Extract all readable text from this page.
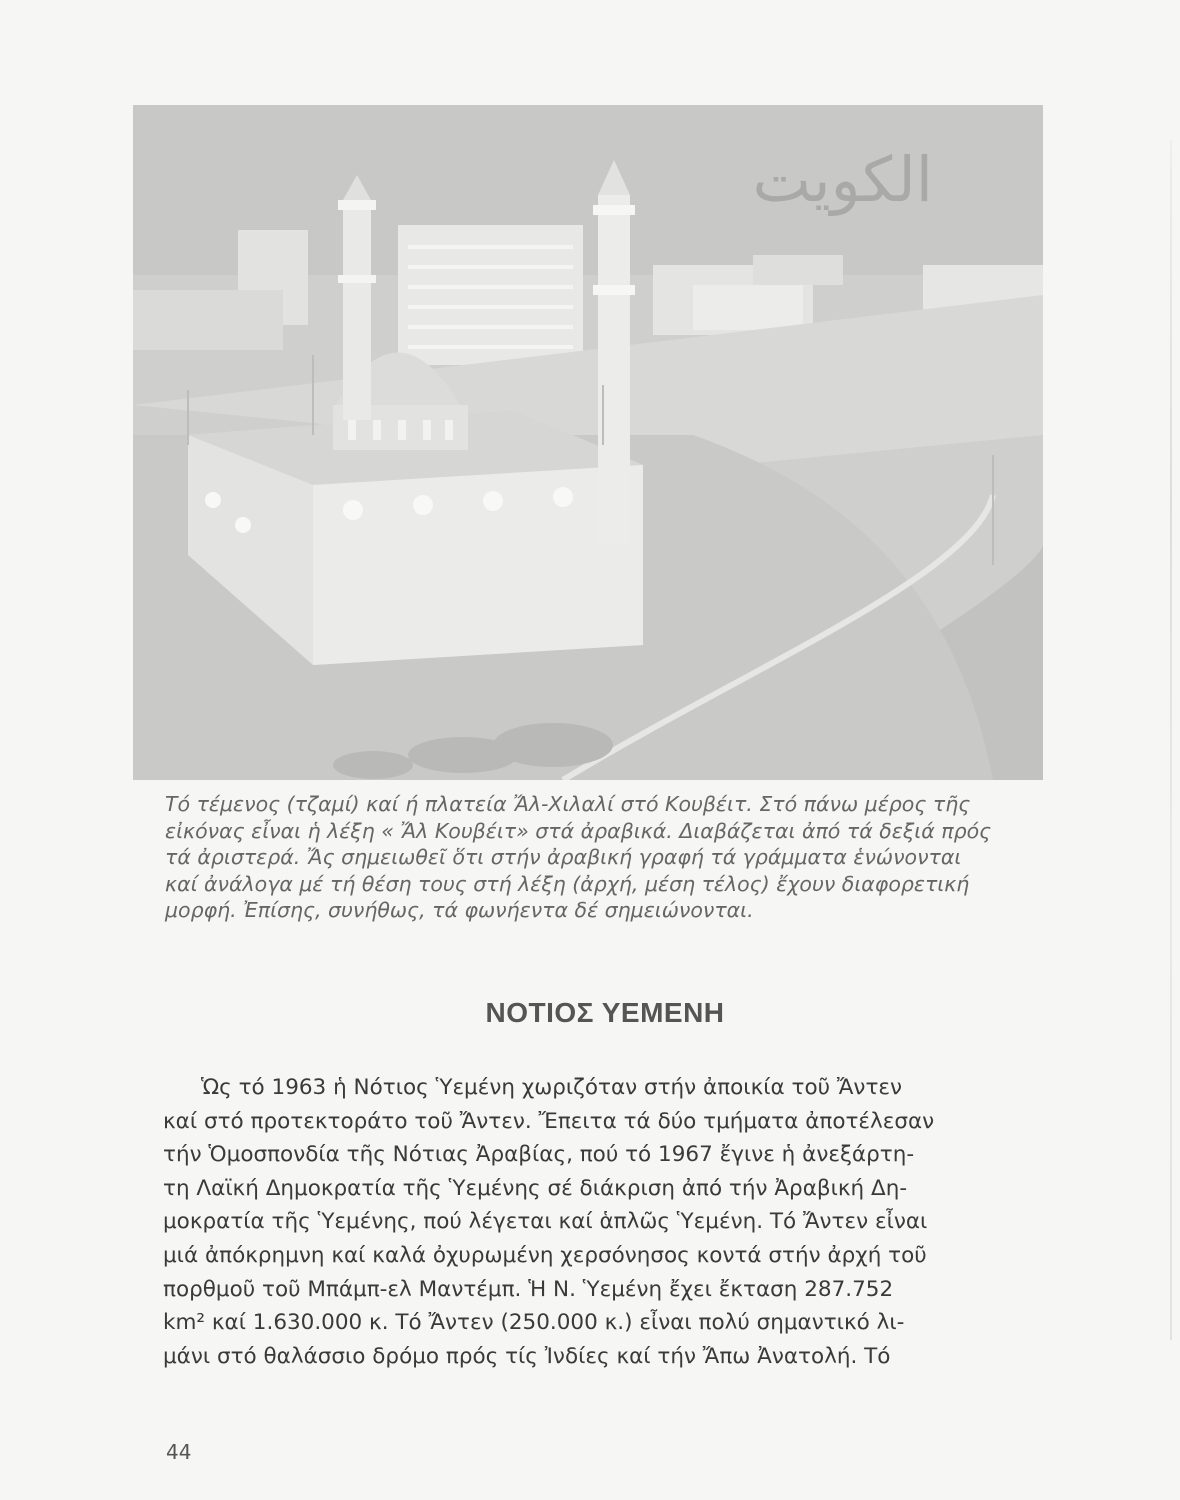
الكويت
Τό τέμενος (τζαμί) καί ή πλατεία Ἄλ-Χιλαλί στό Κουβέιτ. Στό πάνω μέρος τῆς
εἰκόνας εἶναι ἡ λέξη « Ἄλ Κουβέιτ» στά ἀραβικά. Διαβάζεται ἀπό τά δεξιά πρός
τά ἀριστερά. Ἄς σημειωθεῖ ὅτι στήν ἀραβική γραφή τά γράμματα ἑνώνονται
καί ἀνάλογα μέ τή θέση τους στή λέξη (ἀρχή, μέση τέλος) ἔχουν διαφορετική
μορφή. Ἐπίσης, συνήθως, τά φωνήεντα δέ σημειώνονται.
ΝΟΤΙΟΣ ΥΕΜΕΝΗ
Ὡς τό 1963 ἡ Νότιος Ὑεμένη χωριζόταν στήν ἀποικία τοῦ Ἄντεν
καί στό προτεκτοράτο τοῦ Ἄντεν. Ἔπειτα τά δύο τμήματα ἀποτέλεσαν
τήν Ὁμοσπονδία τῆς Νότιας Ἀραβίας, πού τό 1967 ἔγινε ἡ ἀνεξάρτη-
τη Λαϊκή Δημοκρατία τῆς Ὑεμένης σέ διάκριση ἀπό τήν Ἀραβική Δη-
μοκρατία τῆς Ὑεμένης, πού λέγεται καί ἁπλῶς Ὑεμένη. Τό Ἄντεν εἶναι
μιά ἀπόκρημνη καί καλά ὀχυρωμένη χερσόνησος κοντά στήν ἀρχή τοῦ
πορθμοῦ τοῦ Μπάμπ-ελ Μαντέμπ. Ἡ Ν. Ὑεμένη ἔχει ἔκταση 287.752
km² καί 1.630.000 κ. Τό Ἄντεν (250.000 κ.) εἶναι πολύ σημαντικό λι-
μάνι στό θαλάσσιο δρόμο πρός τίς Ἰνδίες καί τήν Ἄπω Ἀνατολή. Τό
44
